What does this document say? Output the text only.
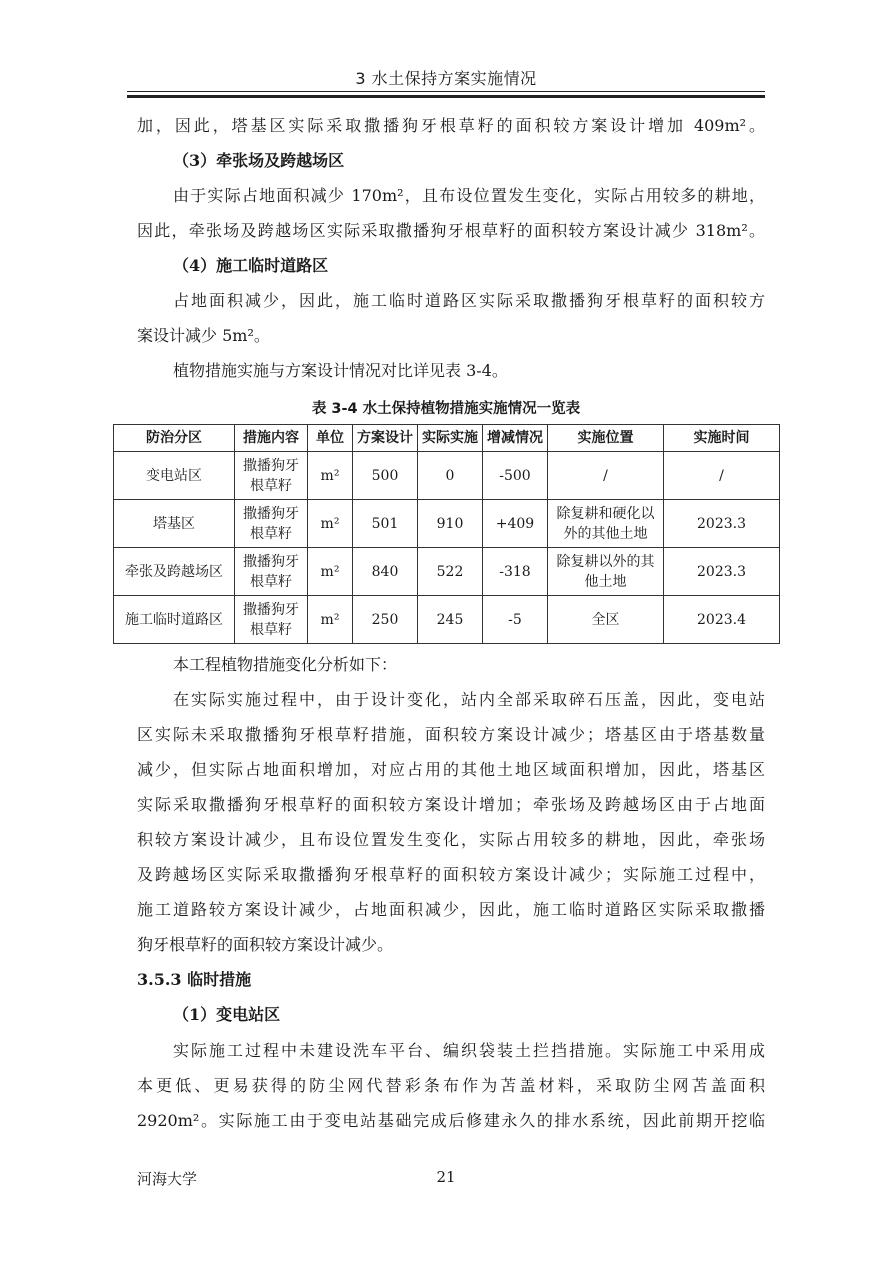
3 水土保持方案实施情况
加，因此，塔基区实际采取撒播狗牙根草籽的面积较方案设计增加 409m²。
（3）牵张场及跨越场区
由于实际占地面积减少 170m²，且布设位置发生变化，实际占用较多的耕地，
因此，牵张场及跨越场区实际采取撒播狗牙根草籽的面积较方案设计减少 318m²。
（4）施工临时道路区
占地面积减少，因此，施工临时道路区实际采取撒播狗牙根草籽的面积较方
案设计减少 5m²。
植物措施实施与方案设计情况对比详见表 3-4。
表 3-4 水土保持植物措施实施情况一览表
防治分区	措施内容	单位	方案设计	实际实施	增减情况	实施位置	实施时间
变电站区	撒播狗牙根草籽	m²	500	0	-500	/	/
塔基区	撒播狗牙根草籽	m²	501	910	+409	除复耕和硬化以外的其他土地	2023.3
牵张及跨越场区	撒播狗牙根草籽	m²	840	522	-318	除复耕以外的其他土地	2023.3
施工临时道路区	撒播狗牙根草籽	m²	250	245	-5	全区	2023.4
本工程植物措施变化分析如下：
在实际实施过程中，由于设计变化，站内全部采取碎石压盖，因此，变电站
区实际未采取撒播狗牙根草籽措施，面积较方案设计减少；塔基区由于塔基数量
减少，但实际占地面积增加，对应占用的其他土地区域面积增加，因此，塔基区
实际采取撒播狗牙根草籽的面积较方案设计增加；牵张场及跨越场区由于占地面
积较方案设计减少，且布设位置发生变化，实际占用较多的耕地，因此，牵张场
及跨越场区实际采取撒播狗牙根草籽的面积较方案设计减少；实际施工过程中，
施工道路较方案设计减少，占地面积减少，因此，施工临时道路区实际采取撒播
狗牙根草籽的面积较方案设计减少。
3.5.3 临时措施
（1）变电站区
实际施工过程中未建设洗车平台、编织袋装土拦挡措施。实际施工中采用成
本更低、更易获得的防尘网代替彩条布作为苫盖材料，采取防尘网苫盖面积
2920m²。实际施工由于变电站基础完成后修建永久的排水系统，因此前期开挖临
河海大学	21
